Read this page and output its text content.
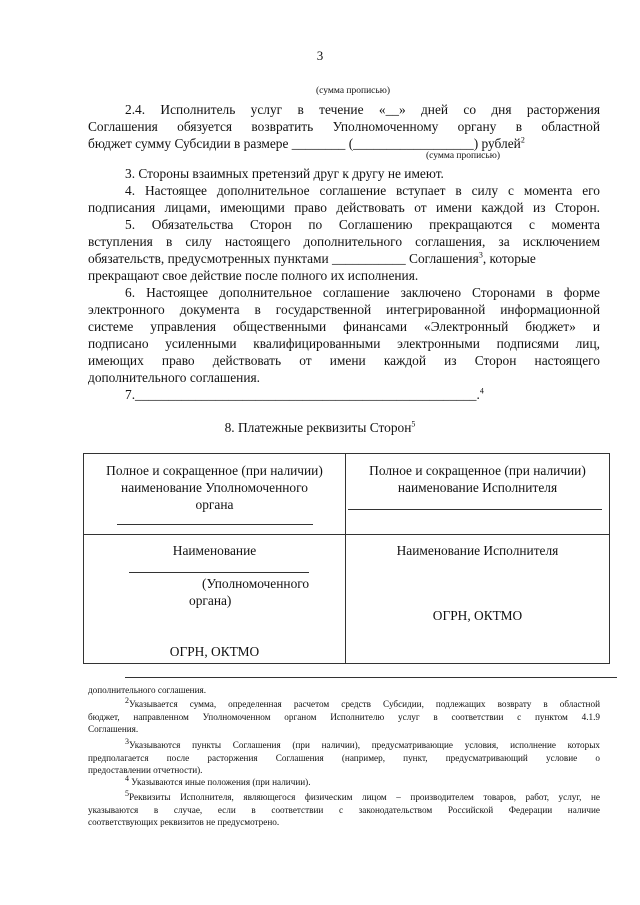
3
(сумма прописью)
2.4. Исполнитель услуг в течение «__» дней со дня расторжения
Соглашения обязуется возвратить Уполномоченному органу в областной
бюджет сумму Субсидии в размере ________ (__________________) рублей$^2$
(сумма прописью)
3. Стороны взаимных претензий друг к другу не имеют.
4. Настоящее дополнительное соглашение вступает в силу с момента его
подписания лицами, имеющими право действовать от имени каждой из Сторон.
5. Обязательства Сторон по Соглашению прекращаются с момента
вступления в силу настоящего дополнительного соглашения, за исключением
обязательств, предусмотренных пунктами ___________ Соглашения$^3$, которые
прекращают свое действие после полного их исполнения.
6. Настоящее дополнительное соглашение заключено Сторонами в форме
электронного документа в государственной интегрированной информационной
системе управления общественными финансами «Электронный бюджет» и
подписано усиленными квалифицированными электронными подписями лиц,
имеющих право действовать от имени каждой из Сторон настоящего
дополнительного соглашения.
7.___________________________________________________.$^4$
8. Платежные реквизиты Сторон$^5$
Полное и сокращенное (при наличии)
наименование Уполномоченного
органа
Полное и сокращенное (при наличии)
наименование Исполнителя
Наименование
(Уполномоченного
органа)
ОГРН, ОКТМО
Наименование Исполнителя
ОГРН, ОКТМО
дополнительного соглашения.
$^2$Указывается сумма, определенная расчетом средств Субсидии, подлежащих возврату в областной
бюджет, направленном Уполномоченном органом Исполнителю услуг в соответствии с пунктом 4.1.9
Соглашения.
$^3$Указываются пункты Соглашения (при наличии), предусматривающие условия, исполнение которых
предполагается после расторжения Соглашения (например, пункт, предусматривающий условие о
предоставлении отчетности).
$^4$ Указываются иные положения (при наличии).
$^5$Реквизиты Исполнителя, являющегося физическим лицом – производителем товаров, работ, услуг, не
указываются в случае, если в соответствии с законодательством Российской Федерации наличие
соответствующих реквизитов не предусмотрено.
